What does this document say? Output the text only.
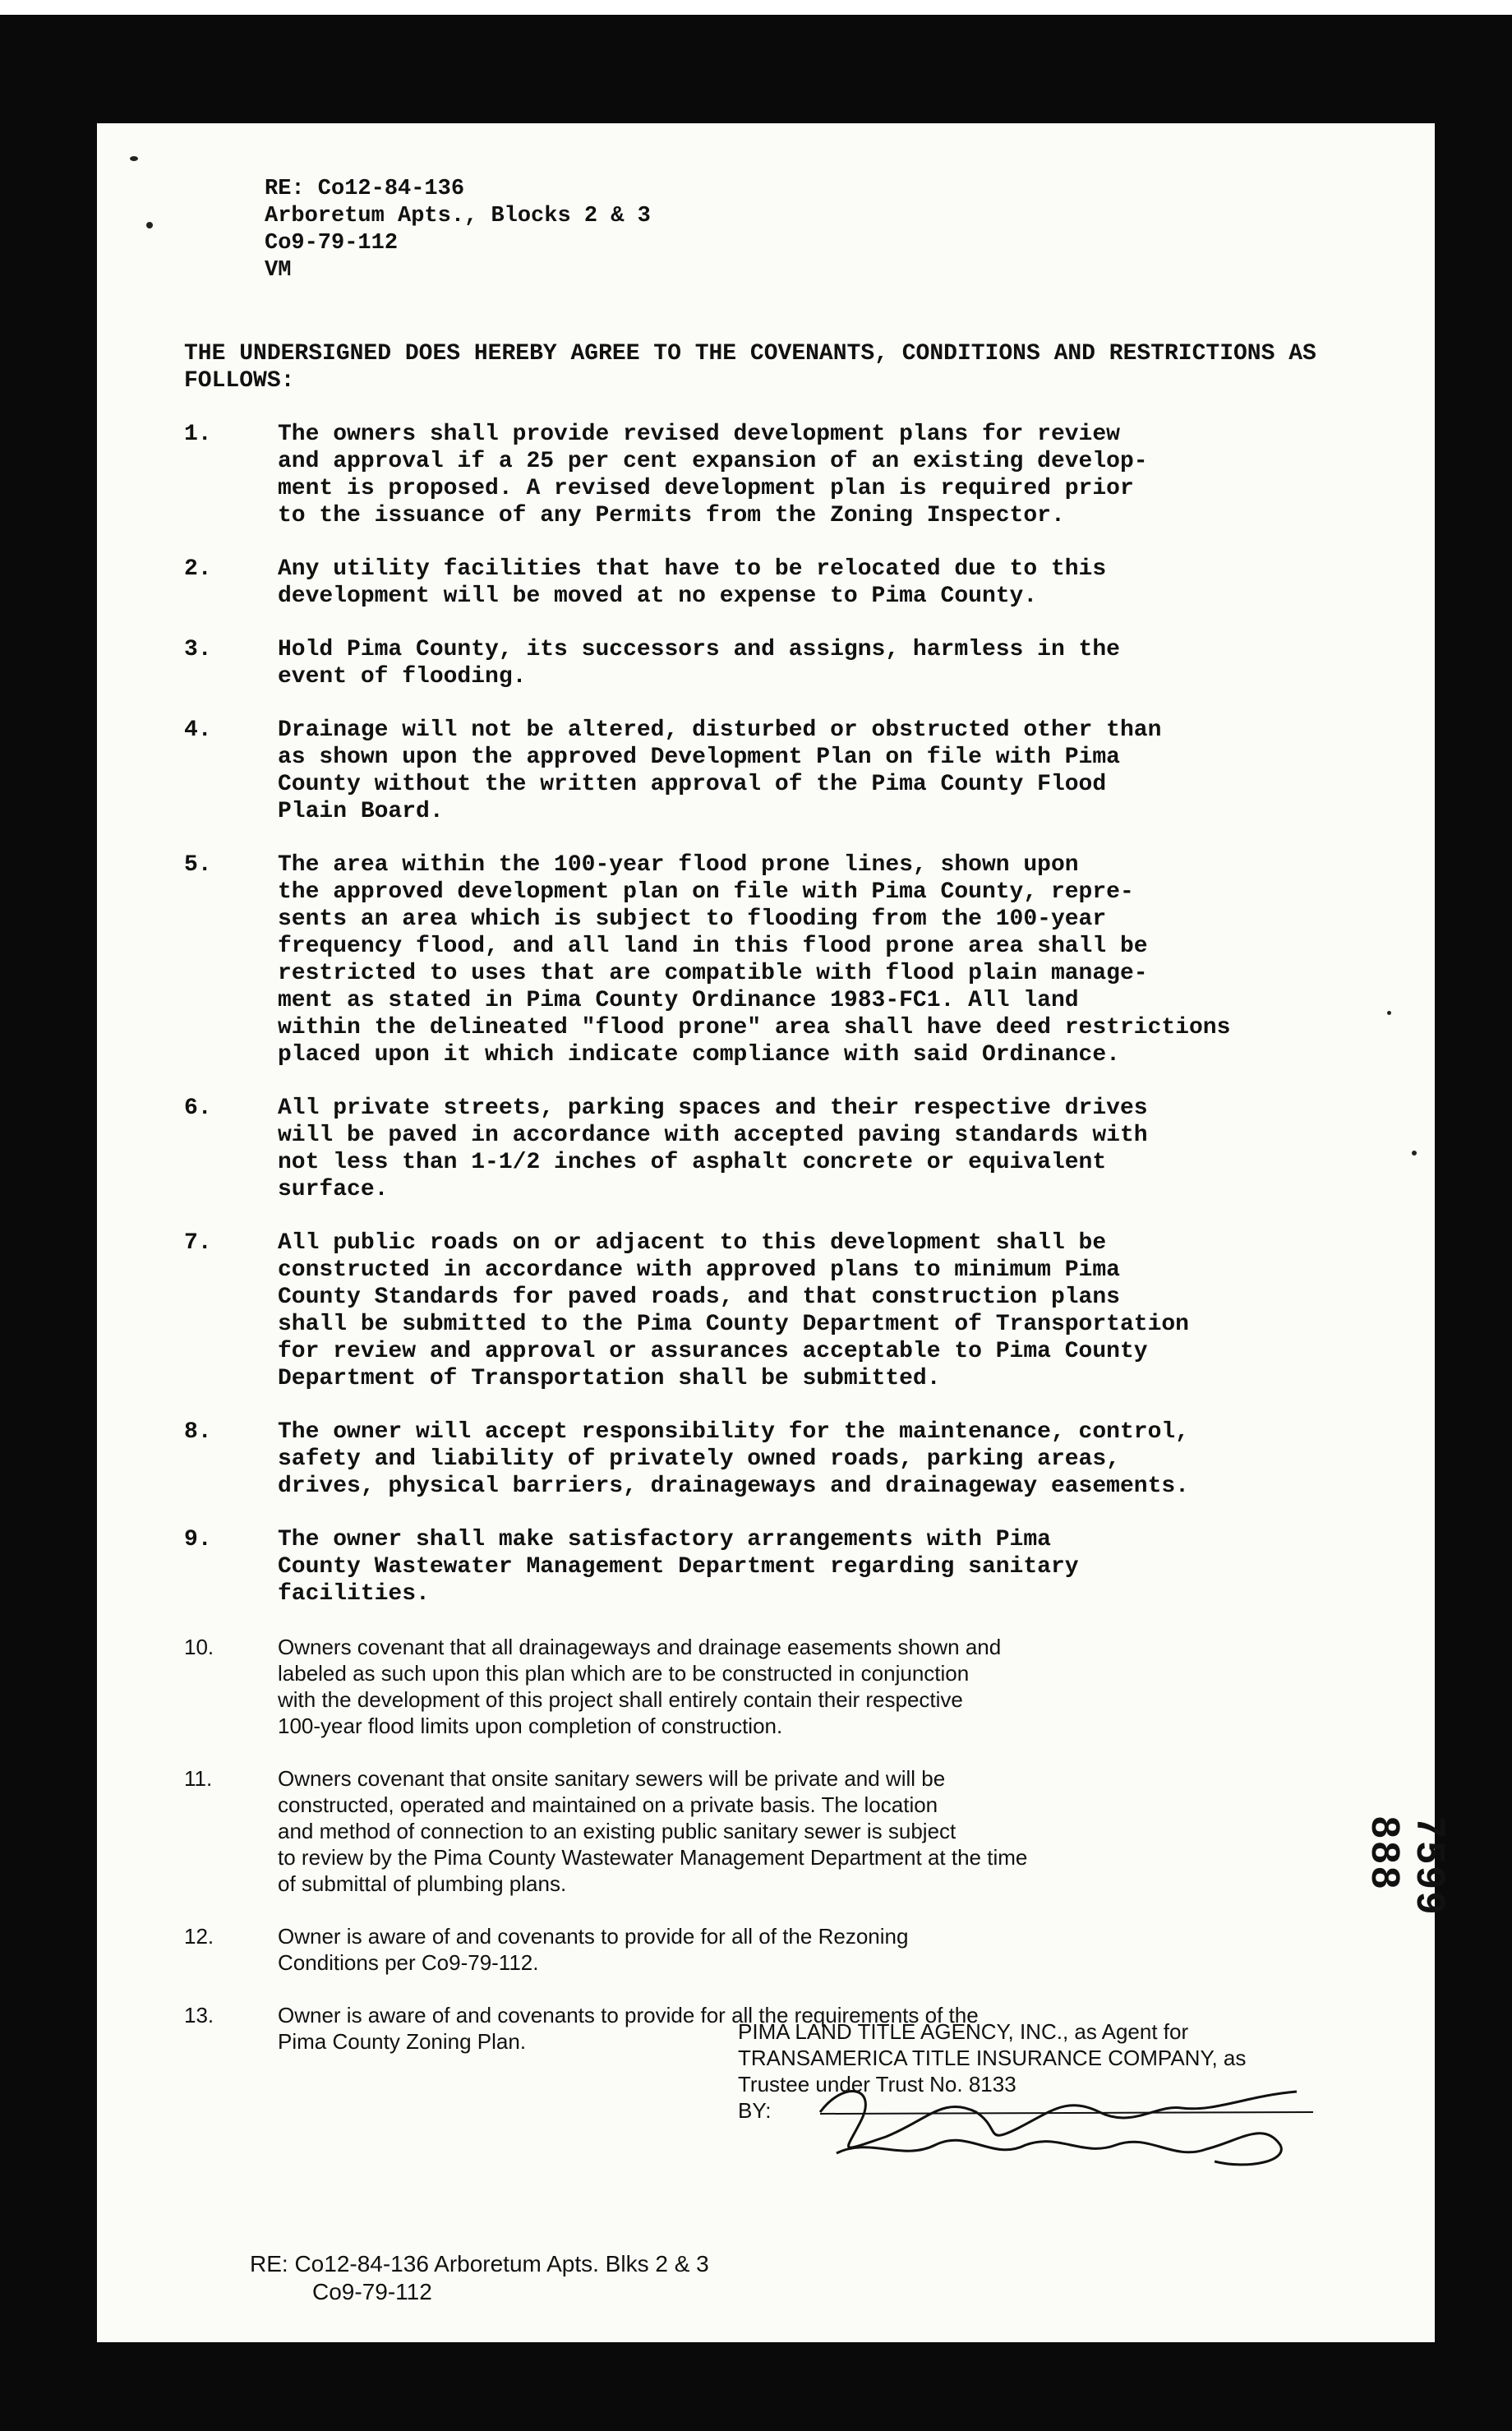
RE: Co12-84-136
Arboretum Apts., Blocks 2 & 3
Co9-79-112
VM
THE UNDERSIGNED DOES HEREBY AGREE TO THE COVENANTS, CONDITIONS AND RESTRICTIONS AS FOLLOWS:
1.	The owners shall provide revised development plans for review
and approval if a 25 per cent expansion of an existing develop-
ment is proposed. A revised development plan is required prior
to the issuance of any Permits from the Zoning Inspector.
2.	Any utility facilities that have to be relocated due to this
development will be moved at no expense to Pima County.
3.	Hold Pima County, its successors and assigns, harmless in the
event of flooding.
4.	Drainage will not be altered, disturbed or obstructed other than
as shown upon the approved Development Plan on file with Pima
County without the written approval of the Pima County Flood
Plain Board.
5.	The area within the 100-year flood prone lines, shown upon
the approved development plan on file with Pima County, repre-
sents an area which is subject to flooding from the 100-year
frequency flood, and all land in this flood prone area shall be
restricted to uses that are compatible with flood plain manage-
ment as stated in Pima County Ordinance 1983-FC1. All land
within the delineated "flood prone" area shall have deed restrictions
placed upon it which indicate compliance with said Ordinance.
6.	All private streets, parking spaces and their respective drives
will be paved in accordance with accepted paving standards with
not less than 1-1/2 inches of asphalt concrete or equivalent
surface.
7.	All public roads on or adjacent to this development shall be
constructed in accordance with approved plans to minimum Pima
County Standards for paved roads, and that construction plans
shall be submitted to the Pima County Department of Transportation
for review and approval or assurances acceptable to Pima County
Department of Transportation shall be submitted.
8.	The owner will accept responsibility for the maintenance, control,
safety and liability of privately owned roads, parking areas,
drives, physical barriers, drainageways and drainageway easements.
9.	The owner shall make satisfactory arrangements with Pima
County Wastewater Management Department regarding sanitary
facilities.
10.	Owners covenant that all drainageways and drainage easements shown and
labeled as such upon this plan which are to be constructed in conjunction
with the development of this project shall entirely contain their respective
100-year flood limits upon completion of construction.
11.	Owners covenant that onsite sanitary sewers will be private and will be
constructed, operated and maintained on a private basis. The location
and method of connection to an existing public sanitary sewer is subject
to review by the Pima County Wastewater Management Department at the time
of submittal of plumbing plans.
12.	Owner is aware of and covenants to provide for all of the Rezoning
Conditions per Co9-79-112.
13.	Owner is aware of and covenants to provide for all the requirements of the
Pima County Zoning Plan.	PIMA LAND TITLE AGENCY, INC., as Agent for
TRANSAMERICA TITLE INSURANCE COMPANY, as
Trustee under Trust No. 8133
BY:
RE: Co12-84-136 Arboretum Apts. Blks 2 & 3
Co9-79-112
7599
888
